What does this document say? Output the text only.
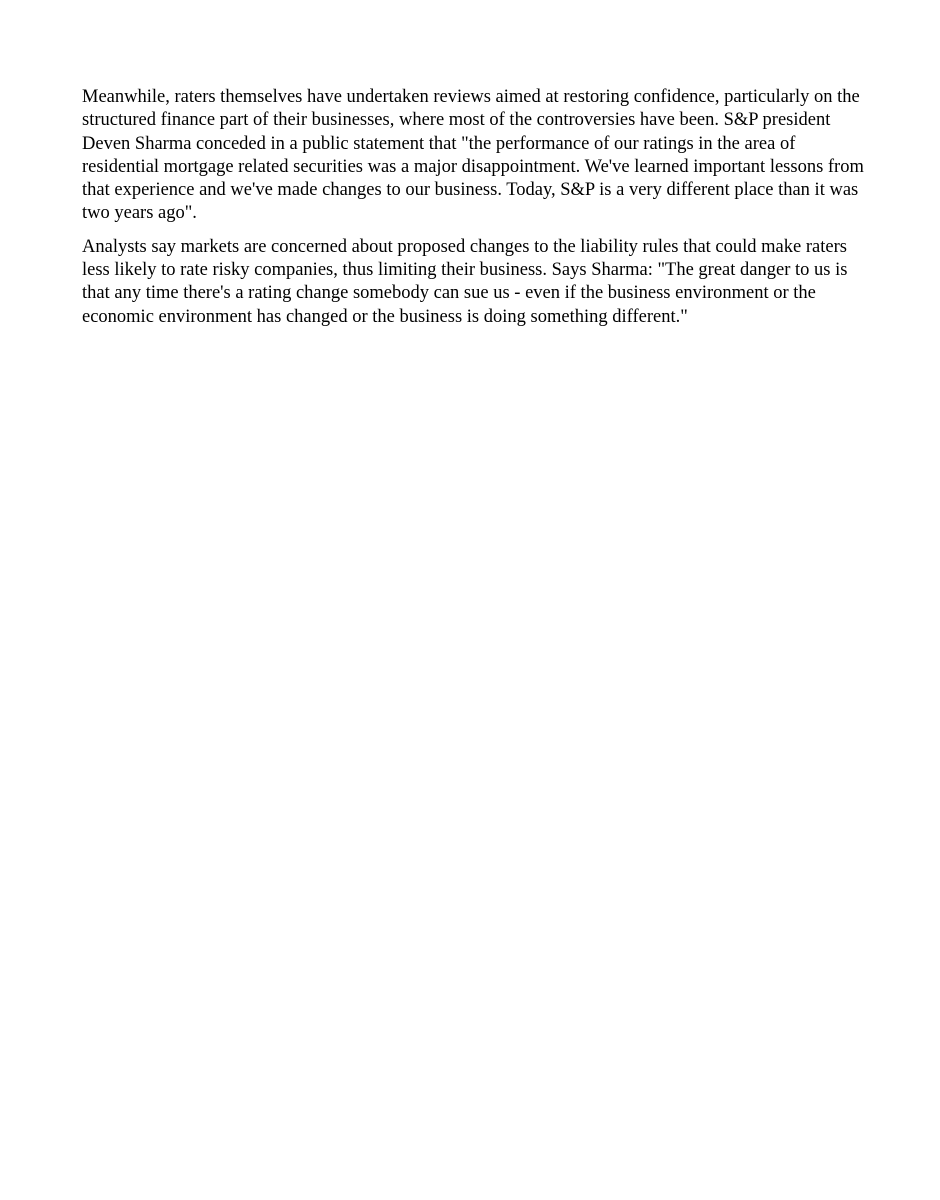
Meanwhile, raters themselves have undertaken reviews aimed at restoring confidence, particularly on the
structured finance part of their businesses, where most of the controversies have been. S&P president
Deven Sharma conceded in a public statement that "the performance of our ratings in the area of
residential mortgage related securities was a major disappointment. We've learned important lessons from
that experience and we've made changes to our business. Today, S&P is a very different place than it was
two years ago".

Analysts say markets are concerned about proposed changes to the liability rules that could make raters
less likely to rate risky companies, thus limiting their business. Says Sharma: "The great danger to us is
that any time there's a rating change somebody can sue us - even if the business environment or the
economic environment has changed or the business is doing something different."
